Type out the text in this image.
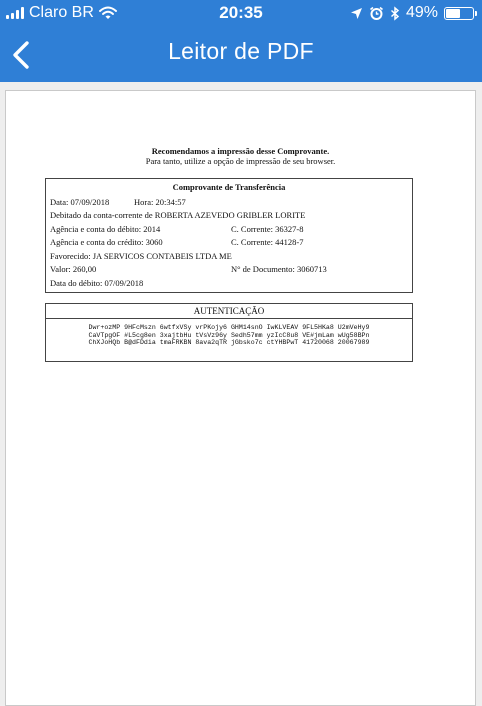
Claro BR	20:35	49%
Leitor de PDF
Recomendamos a impressão desse Comprovante.
Para tanto, utilize a opção de impressão de seu browser.
Comprovante de Transferência
Data: 07/09/2018	Hora: 20:34:57
Debitado da conta-corrente de ROBERTA AZEVEDO GRIBLER LORITE
Agência e conta do débito: 2014	C. Corrente: 36327-8
Agência e conta do crédito: 3060	C. Corrente: 44128-7
Favorecido: JA SERVICOS CONTABEIS LTDA ME
Valor: 260,00	N° de Documento: 3060713
Data do débito: 07/09/2018
AUTENTICAÇÃO
Dwr+ozMP 9HFcMszn 6wtfxVSy vrPKojy6 GHM14snO IwKLVEAV 9FL5HKa8 U2mVeHy9
CaVTpgOF #L5cg8en 3xajtbHu tVsVz96y Sedh57mm yzIcC8u8 VE#jmLam wUg58BPn
ChXJoHQb B@dFDdia tmaFRKBN 8ava2qTR jGbsko7c ctYHBPwT 41720068 20067989
